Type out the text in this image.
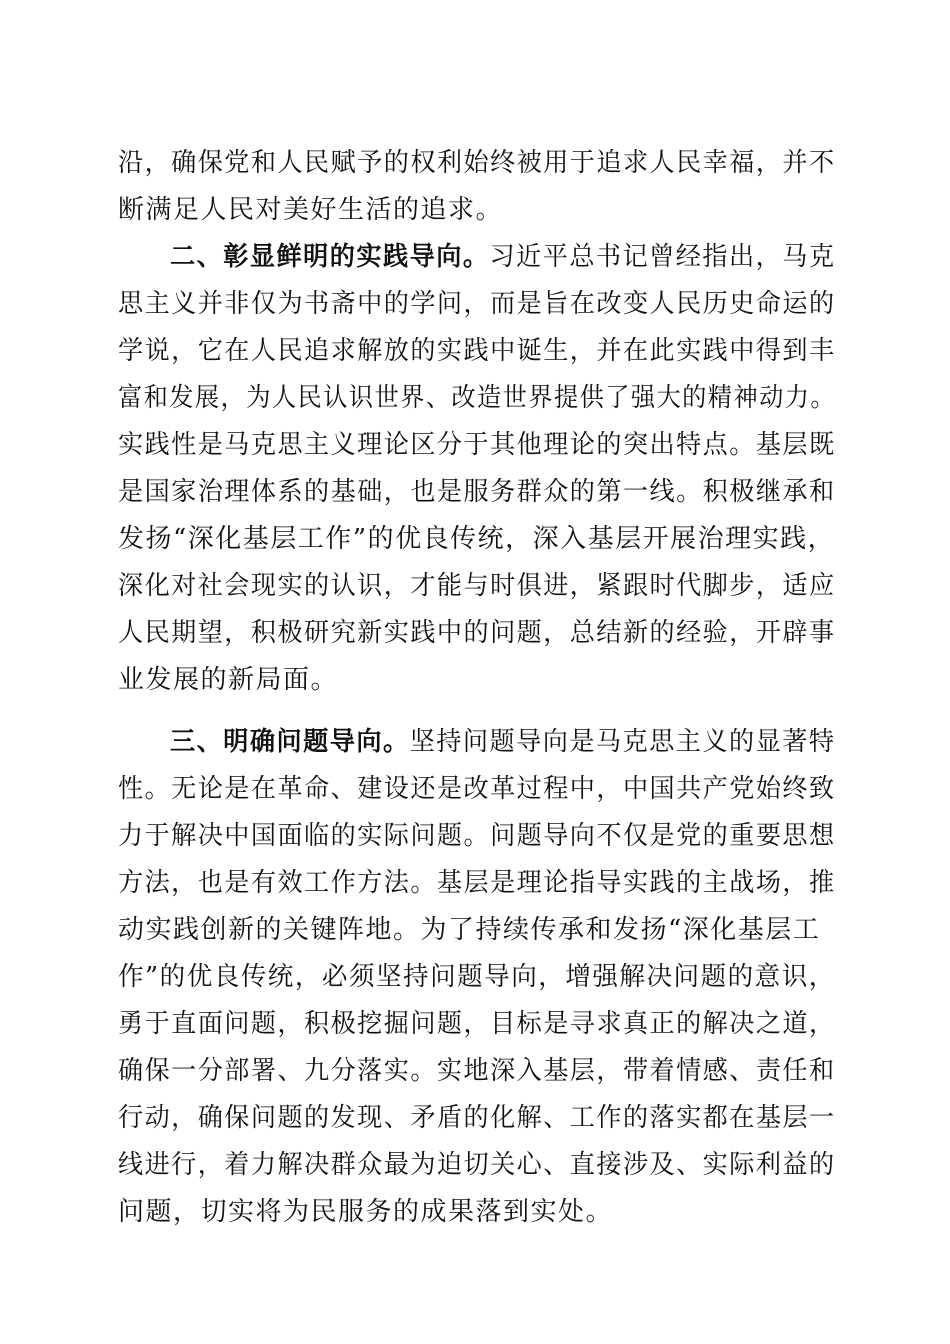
沿，确保党和人民赋予的权利始终被用于追求人民幸福，并不
断满足人民对美好生活的追求。
二、彰显鲜明的实践导向。习近平总书记曾经指出，马克
思主义并非仅为书斋中的学问，而是旨在改变人民历史命运的
学说，它在人民追求解放的实践中诞生，并在此实践中得到丰
富和发展，为人民认识世界、改造世界提供了强大的精神动力。
实践性是马克思主义理论区分于其他理论的突出特点。基层既
是国家治理体系的基础，也是服务群众的第一线。积极继承和
发扬“深化基层工作”的优良传统，深入基层开展治理实践，
深化对社会现实的认识，才能与时俱进，紧跟时代脚步，适应
人民期望，积极研究新实践中的问题，总结新的经验，开辟事
业发展的新局面。
三、明确问题导向。坚持问题导向是马克思主义的显著特
性。无论是在革命、建设还是改革过程中，中国共产党始终致
力于解决中国面临的实际问题。问题导向不仅是党的重要思想
方法，也是有效工作方法。基层是理论指导实践的主战场，推
动实践创新的关键阵地。为了持续传承和发扬“深化基层工
作”的优良传统，必须坚持问题导向，增强解决问题的意识，
勇于直面问题，积极挖掘问题，目标是寻求真正的解决之道，
确保一分部署、九分落实。实地深入基层，带着情感、责任和
行动，确保问题的发现、矛盾的化解、工作的落实都在基层一
线进行，着力解决群众最为迫切关心、直接涉及、实际利益的
问题，切实将为民服务的成果落到实处。
